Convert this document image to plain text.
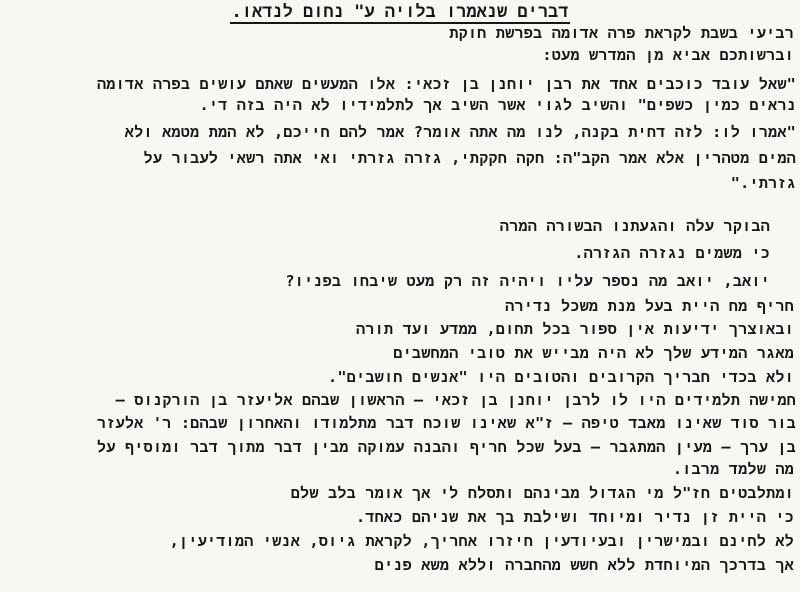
דברים שנאמרו בלויה ע" נחום לנדאו.
רביעי בשבת לקראת פרה אדומה בפרשת חוקת
וברשותכם אביא מן המדרש מעט:
"שאל עובד כוכבים אחד את רבן יוחנן בן זכאי: אלו המעשים שאתם עושים בפרה אדומה
נראים כמין כשפים" והשיב לגוי אשר השיב אך לתלמידיו לא היה בזה די.
"אמרו לו: לזה דחית בקנה, לנו מה אתה אומר? אמר להם חייכם, לא המת מטמא ולא
המים מטהרין אלא אמר הקב"ה: חקה חקקתי, גזרה גזרתי ואי אתה רשאי לעבור על
גזרתי."
הבוקר עלה והגעתנו הבשורה המרה
כי משמים נגזרה הגזרה.
יואב, יואב מה נספר עליו ויהיה זה רק מעט שיבחו בפניו?
חריף מח היית בעל מנת משכל נדירה
ובאוצרך ידיעות אין ספור בכל תחום, ממדע ועד תורה
מאגר המידע שלך לא היה מבייש את טובי המחשבים
ולא בכדי חבריך הקרובים והטובים היו "אנשים חושבים".
חמישה תלמידים היו לו לרבן יוחנן בן זכאי – הראשון שבהם אליעזר בן הורקנוס –
בור סוד שאינו מאבד טיפה – ז"א שאינו שוכח דבר מתלמודו והאחרון שבהם: ר' אלעזר
בן ערך – מעין המתגבר – בעל שכל חריף והבנה עמוקה מבין דבר מתוך דבר ומוסיף על
מה שלמד מרבו.
ומתלבטים חז"ל מי הגדול מבינהם ותסלח לי אך אומר בלב שלם
כי היית זן נדיר ומיוחד ושילבת בך את שניהם כאחד.
לא לחינם ובמישרין ובעיודעין חיזרו אחריך, לקראת גיוס, אנשי המודיעין,
אך בדרכך המיוחדת ללא חשש מהחברה וללא משא פנים
